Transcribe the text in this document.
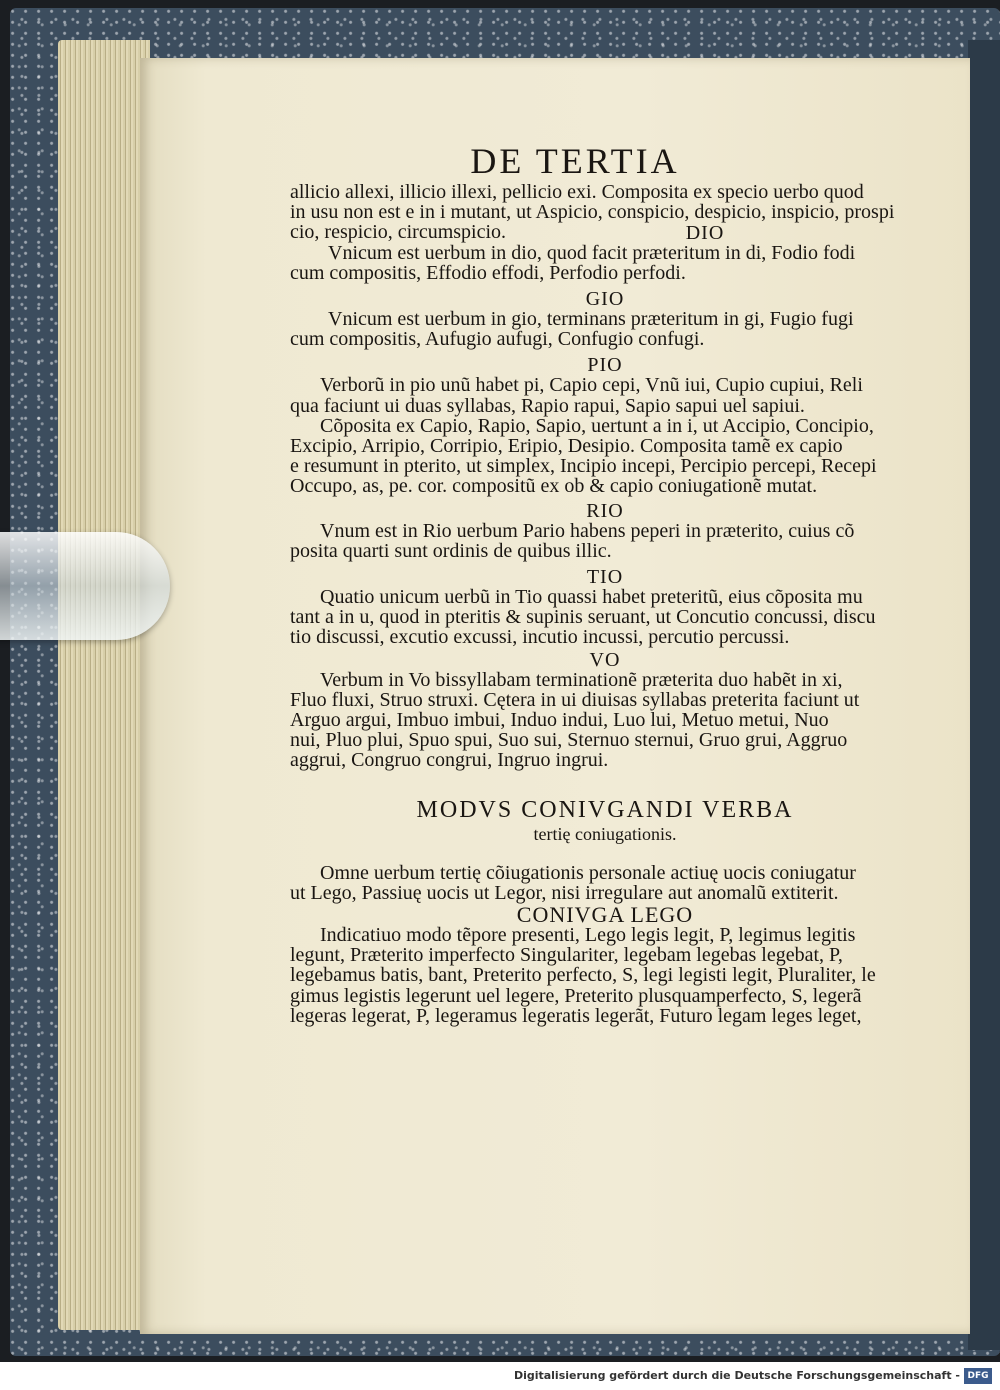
DE TERTIA
allicio allexi, illicio illexi, pellicio exi. Composita ex specio uerbo quod
in usu non est e in i mutant, ut Aspicio, conspicio, despicio, inspicio, prospi
cio, respicio, circumspicio.	DIO
Vnicum est uerbum in dio, quod facit præteritum in di, Fodio fodi
cum compositis, Effodio effodi, Perfodio perfodi.
GIO
Vnicum est uerbum in gio, terminans præteritum in gi, Fugio fugi
cum compositis, Aufugio aufugi, Confugio confugi.
PIO
Verborũ in pio unũ habet pi, Capio cepi, Vnũ iui, Cupio cupiui, Reli
qua faciunt ui duas syllabas, Rapio rapui, Sapio sapui uel sapiui.
Cõposita ex Capio, Rapio, Sapio, uertunt a in i, ut Accipio, Concipio,
Excipio, Arripio, Corripio, Eripio, Desipio. Composita tamẽ ex capio
e resumunt in pterito, ut simplex, Incipio incepi, Percipio percepi, Recepi
Occupo, as, pe. cor. compositũ ex ob & capio coniugationẽ mutat.
RIO
Vnum est in Rio uerbum Pario habens peperi in præterito, cuius cõ
posita quarti sunt ordinis de quibus illic.
TIO
Quatio unicum uerbũ in Tio quassi habet preteritũ, eius cõposita mu
tant a in u, quod in pteritis & supinis seruant, ut Concutio concussi, discu
tio discussi, excutio excussi, incutio incussi, percutio percussi.
VO
Verbum in Vo bissyllabam terminationẽ præterita duo habẽt in xi,
Fluo fluxi, Struo struxi. Cętera in ui diuisas syllabas preterita faciunt ut
Arguo argui, Imbuo imbui, Induo indui, Luo lui, Metuo metui, Nuo
nui, Pluo plui, Spuo spui, Suo sui, Sternuo sternui, Gruo grui, Aggruo
aggrui, Congruo congrui, Ingruo ingrui.
MODVS CONIVGANDI VERBA
tertię coniugationis.
Omne uerbum tertię cõiugationis personale actiuę uocis coniugatur
ut Lego, Passiuę uocis ut Legor, nisi irregulare aut anomalũ extiterit.
CONIVGA LEGO
Indicatiuo modo tẽpore presenti, Lego legis legit, P, legimus legitis
legunt, Præterito imperfecto Singulariter, legebam legebas legebat, P,
legebamus batis, bant, Preterito perfecto, S, legi legisti legit, Pluraliter, le
gimus legistis legerunt uel legere, Preterito plusquamperfecto, S, legerã
legeras legerat, P, legeramus legeratis legerãt, Futuro legam leges leget,
Digitalisierung gefördert durch die Deutsche Forschungsgemeinschaft - DFG
